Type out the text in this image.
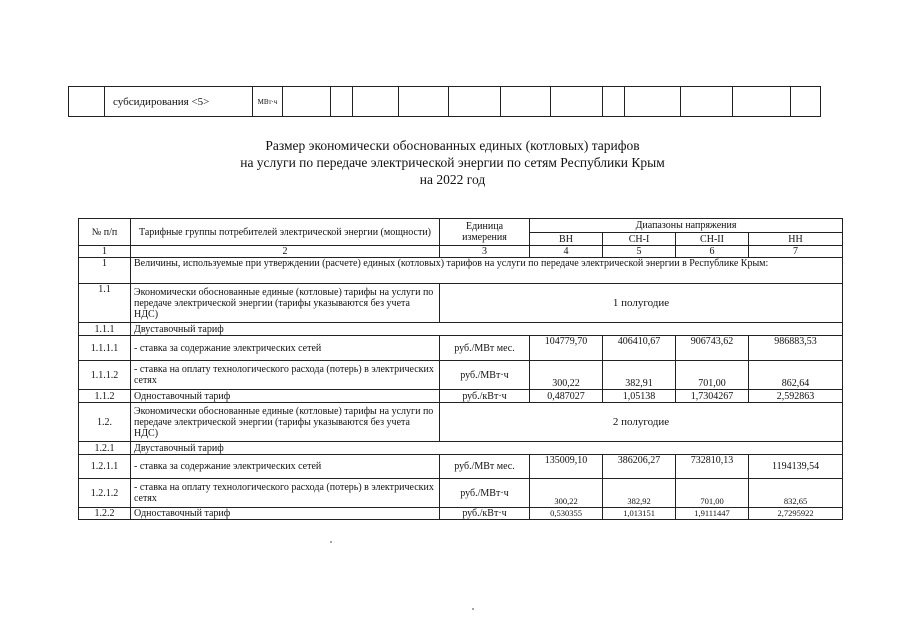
	субсидирования <5>	МВт·ч												
Размер экономически обоснованных единых (котловых) тарифов
на услуги по передаче электрической энергии по сетям Республики Крым
на 2022 год
№ п/п	Тарифные группы потребителей электрической энергии (мощности)	Единица измерения	Диапазоны напряжения			
			ВН	СН-I	СН-II	НН
1	2	3	4	5	6	7
1	Величины, используемые при утверждении (расчете) единых (котловых) тарифов на услуги по передаче электрической энергии в Республике Крым:					
1.1	Экономически обоснованные единые (котловые) тарифы на услуги по передаче электрической энергии (тарифы указываются без учета НДС)	1 полугодие				
1.1.1	Двуставочный тариф					
1.1.1.1	- ставка за содержание электрических сетей	руб./МВт мес.	104779,70	406410,67	906743,62	986883,53
1.1.1.2	- ставка на оплату технологического расхода (потерь) в электрических сетях	руб./МВт·ч	300,22	382,91	701,00	862,64
1.1.2	Одноставочный тариф	руб./кВт·ч	0,487027	1,05138	1,7304267	2,592863
1.2.	Экономически обоснованные единые (котловые) тарифы на услуги по передаче электрической энергии (тарифы указываются без учета НДС)	2 полугодие				
1.2.1	Двуставочный тариф					
1.2.1.1	- ставка за содержание электрических сетей	руб./МВт мес.	135009,10	386206,27	732810,13	1194139,54
1.2.1.2	- ставка на оплату технологического расхода (потерь) в электрических сетях	руб./МВт·ч	300,22	382,92	701,00	832,65
1.2.2	Одноставочный тариф	руб./кВт·ч	0,530355	1,013151	1,9111447	2,7295922
